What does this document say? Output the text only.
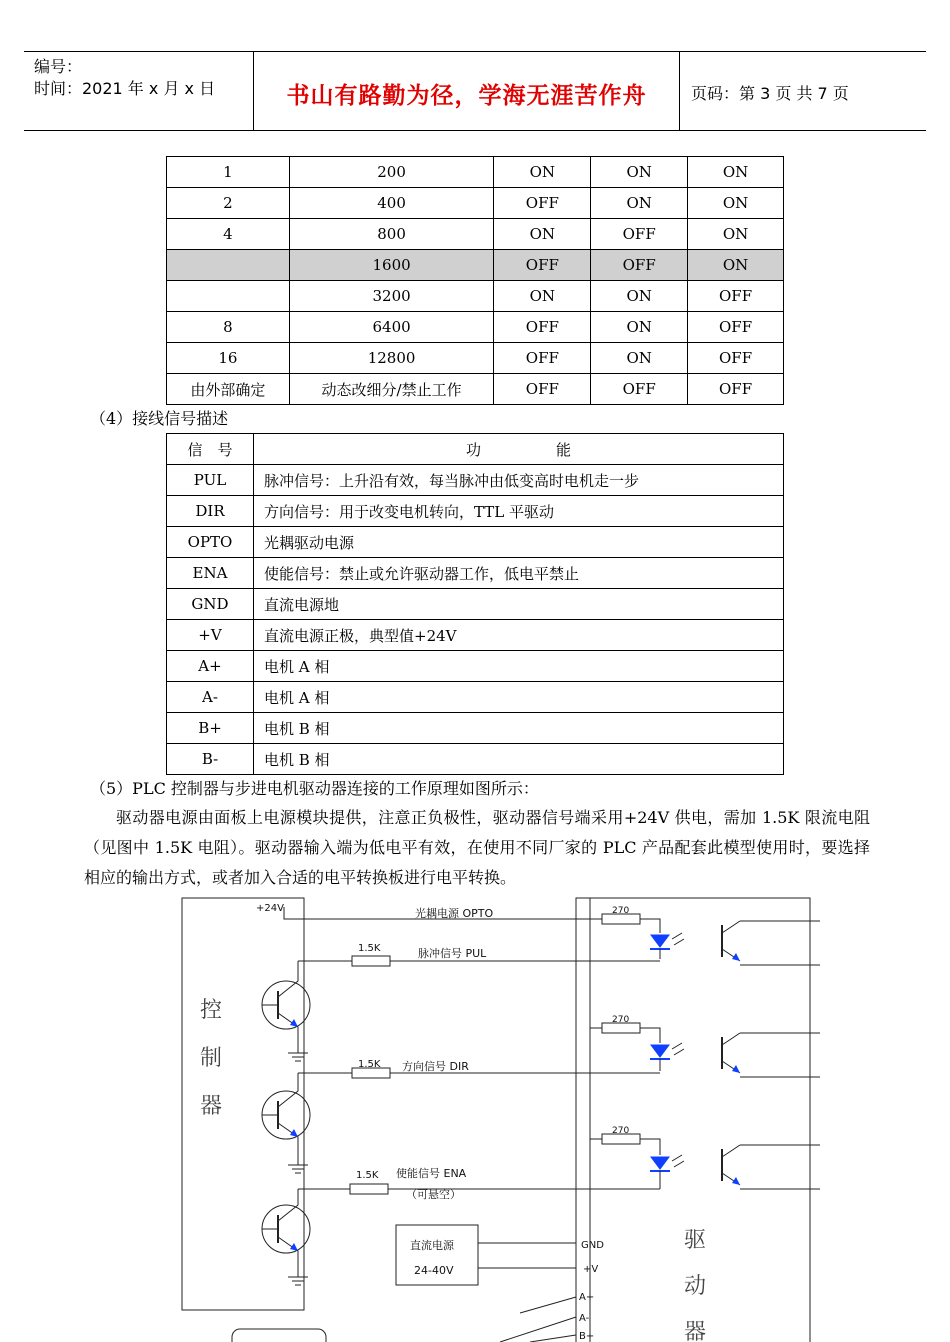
编号：
时间：2021 年 x 月 x 日	书山有路勤为径，学海无涯苦作舟	页码：第 3 页 共 7 页
1	200	ON	ON	ON
2	400	OFF	ON	ON
4	800	ON	OFF	ON
	1600	OFF	OFF	ON
	3200	ON	ON	OFF
8	6400	OFF	ON	OFF
16	12800	OFF	ON	OFF
由外部确定	动态改细分/禁止工作	OFF	OFF	OFF
（4）接线信号描述
信　号	功　　　　　能
PUL	脉冲信号：上升沿有效，每当脉冲由低变高时电机走一步
DIR	方向信号：用于改变电机转向，TTL 平驱动
OPTO	光耦驱动电源
ENA	使能信号：禁止或允许驱动器工作，低电平禁止
GND	直流电源地
+V	直流电源正极，典型值+24V
A+	电机 A 相
A-	电机 A 相
B+	电机 B 相
B-	电机 B 相
（5）PLC 控制器与步进电机驱动器连接的工作原理如图所示：
驱动器电源由面板上电源模块提供，注意正负极性，驱动器信号端采用+24V 供电，需加 1.5K 限流电阻（见图中 1.5K 电阻）。驱动器输入端为低电平有效，在使用不同厂家的 PLC 产品配套此模型使用时，要选择相应的输出方式，或者加入合适的电平转换板进行电平转换。
+24V	光耦电源 OPTO
1.5K	脉冲信号 PUL
1.5K 方向信号 DIR
1.5K 使能信号 ENA
（可悬空）
270
270
270
直流电源
24-40V
GND
+V
A+
A-
B+
控
制
器
驱
动
器
